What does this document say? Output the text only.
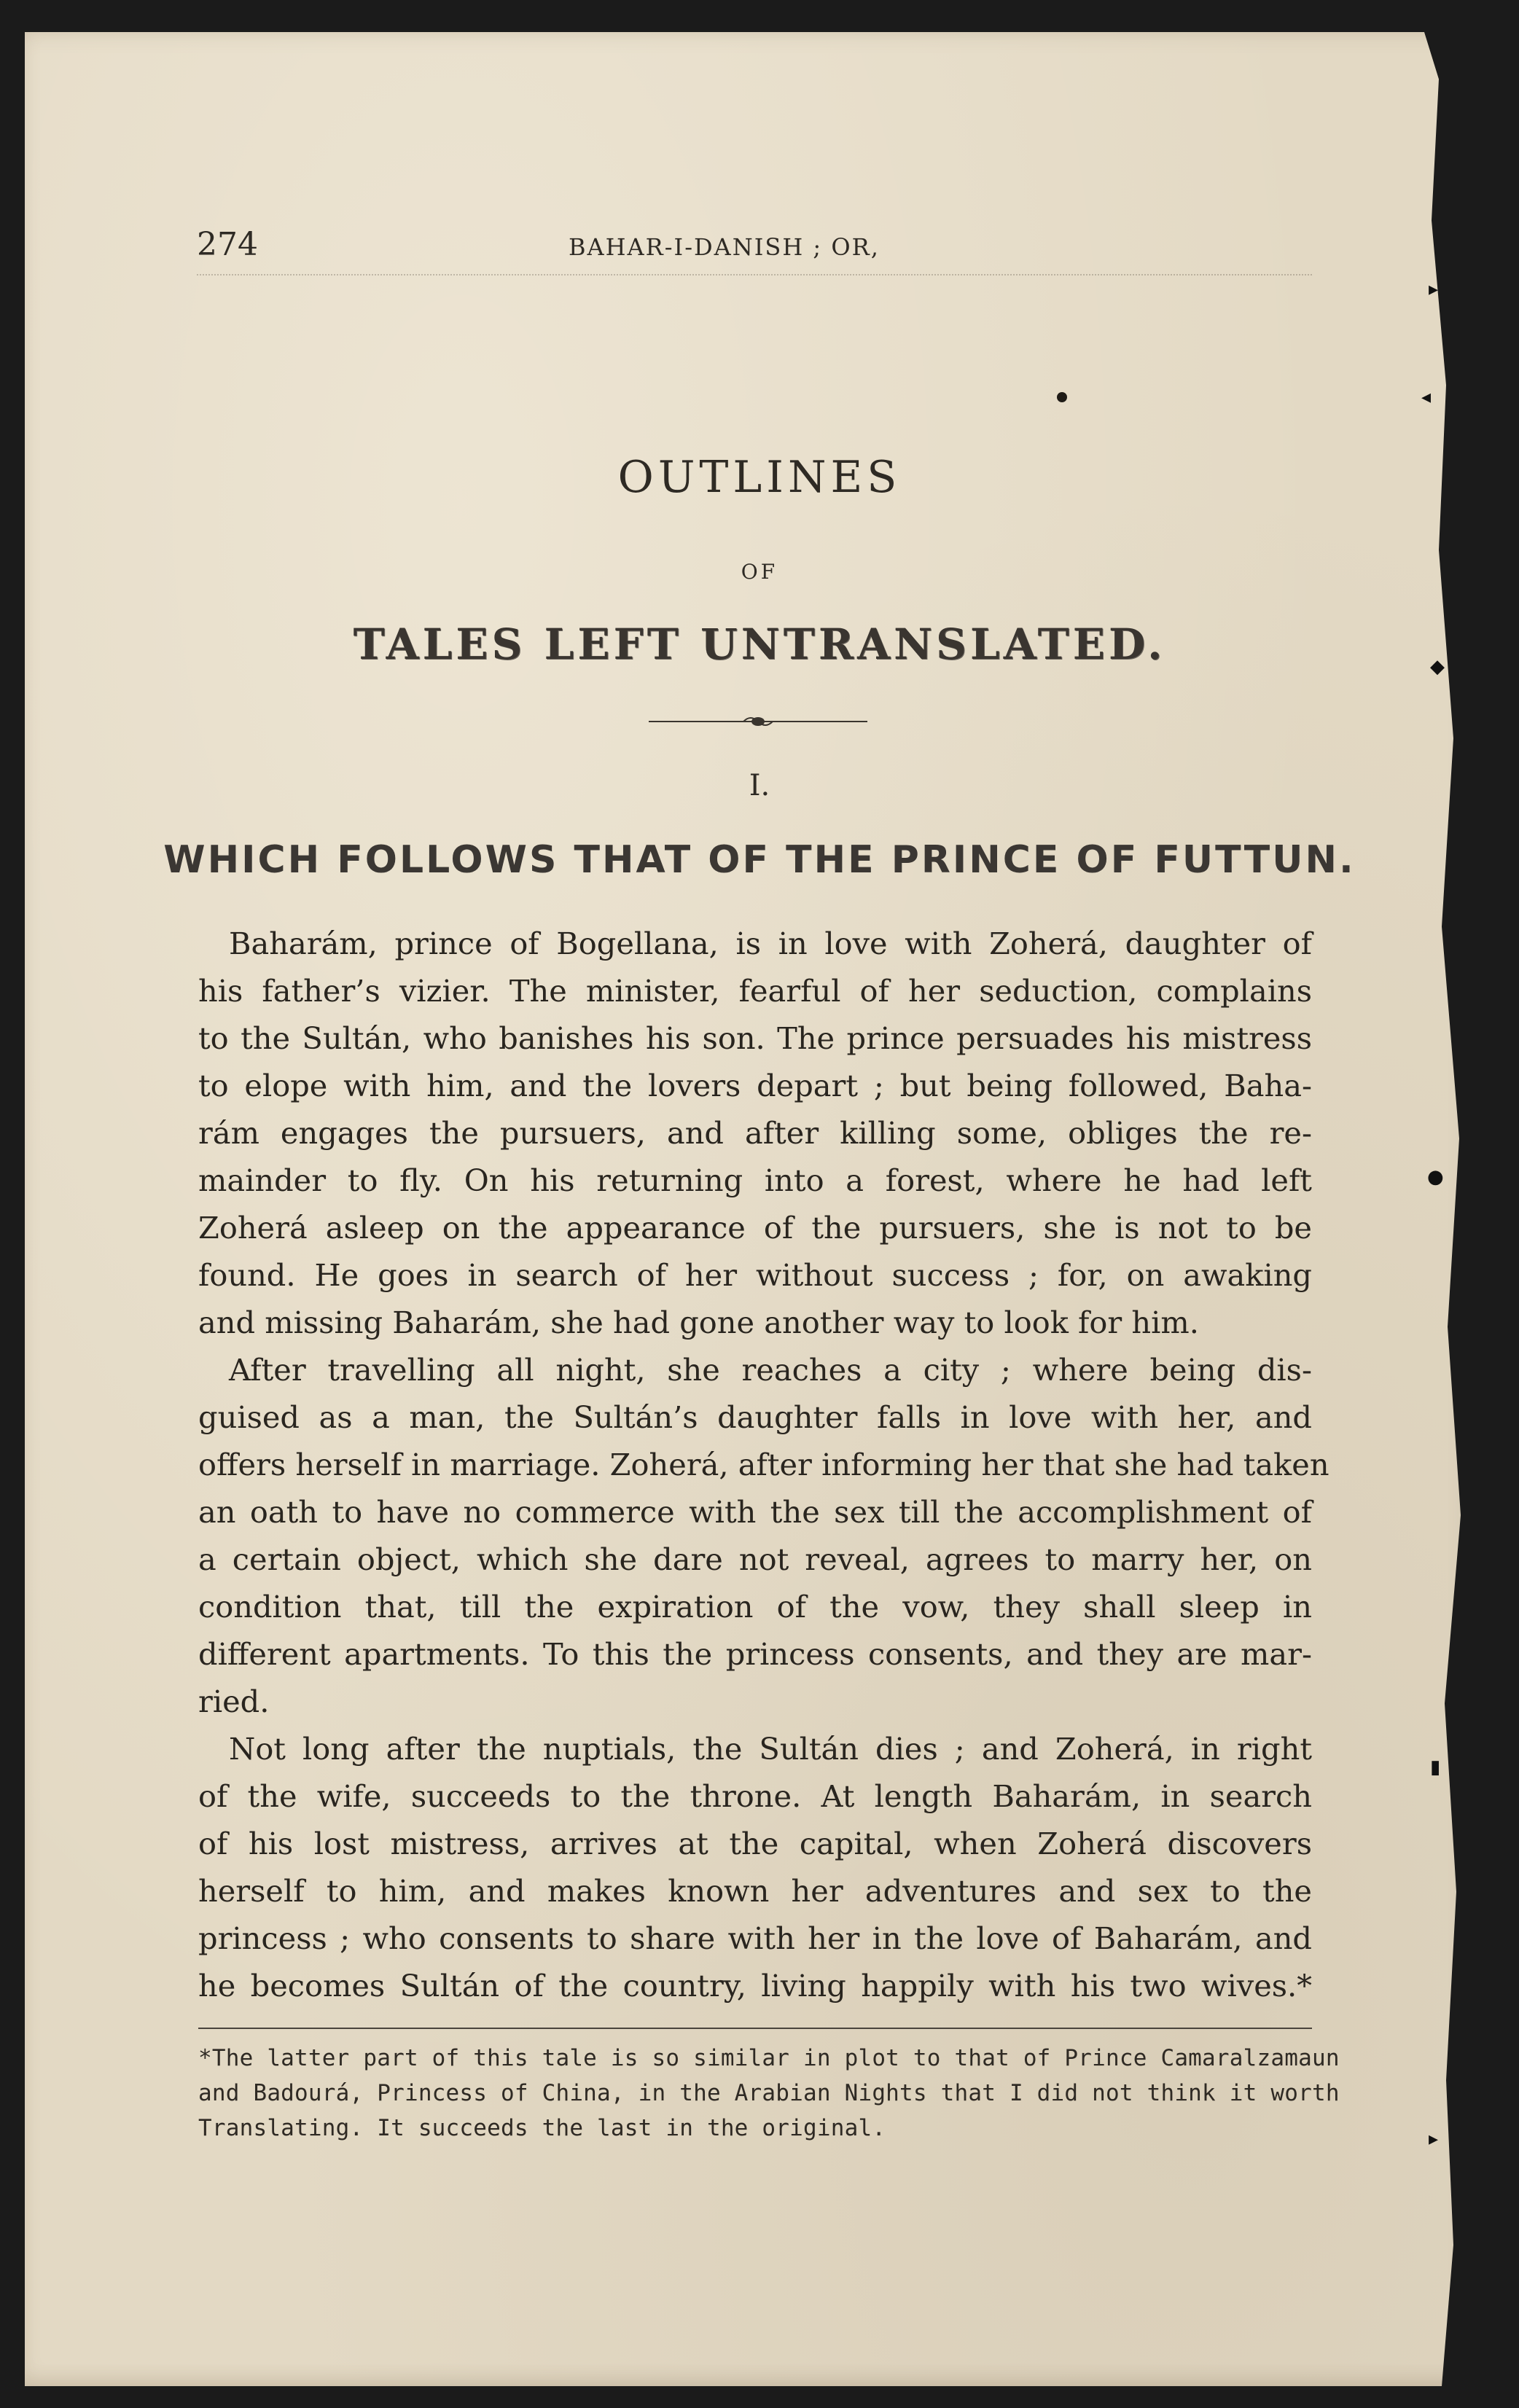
274	BAHAR-I-DANISH ; OR,
OUTLINES
OF
TALES LEFT UNTRANSLATED.
I.
WHICH FOLLOWS THAT OF THE PRINCE OF FUTTUN.
Baharám, prince of Bogellana, is in love with Zoherá, daughter of
his father’s vizier. The minister, fearful of her seduction, complains
to the Sultán, who banishes his son. The prince persuades his mistress
to elope with him, and the lovers depart ; but being followed, Baha-
rám engages the pursuers, and after killing some, obliges the re-
mainder to fly. On his returning into a forest, where he had left
Zoherá asleep on the appearance of the pursuers, she is not to be
found. He goes in search of her without success ; for, on awaking
and missing Baharám, she had gone another way to look for him.
After travelling all night, she reaches a city ; where being dis-
guised as a man, the Sultán’s daughter falls in love with her, and
offers herself in marriage. Zoherá, after informing her that she had taken
an oath to have no commerce with the sex till the accomplishment of
a certain object, which she dare not reveal, agrees to marry her, on
condition that, till the expiration of the vow, they shall sleep in
different apartments. To this the princess consents, and they are mar-
ried.
Not long after the nuptials, the Sultán dies ; and Zoherá, in right
of the wife, succeeds to the throne. At length Baharám, in search
of his lost mistress, arrives at the capital, when Zoherá discovers
herself to him, and makes known her adventures and sex to the
princess ; who consents to share with her in the love of Baharám, and
he becomes Sultán of the country, living happily with his two wives.*
*The latter part of this tale is so similar in plot to that of Prince Camaralzamaun
and Badourá, Princess of China, in the Arabian Nights that I did not think it worth
Translating. It succeeds the last in the original.
▸
◂
◆
●
▮
▸
